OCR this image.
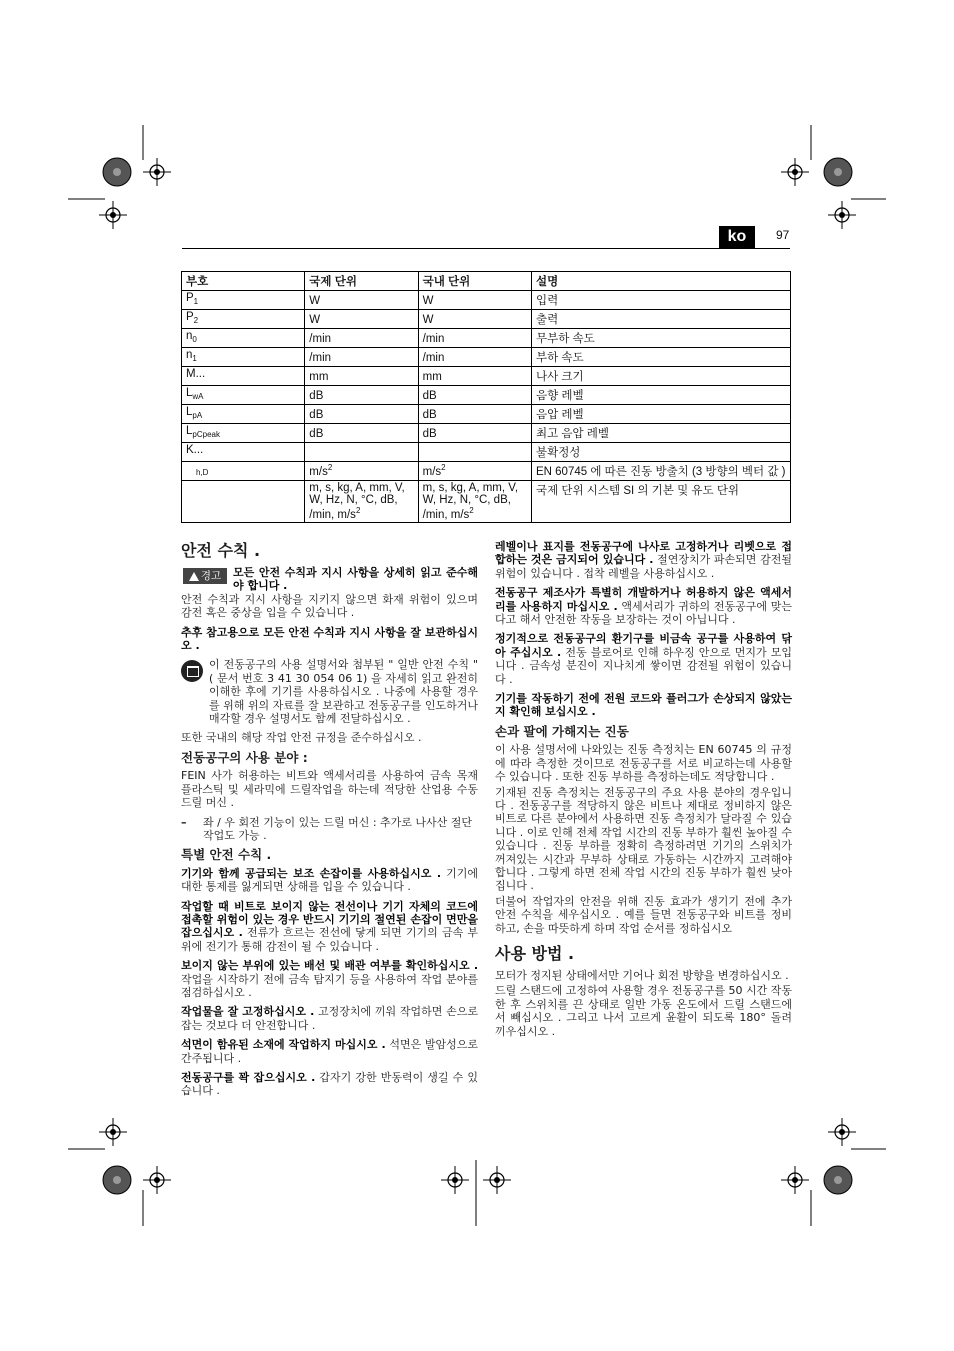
ko	97
부호	국제 단위	국내 단위	설명
$P_1$	W	W	입력
$P_2$	W	W	출력
$n_0$	/min	/min	무부하 속도
$n_1$	/min	/min	부하 속도
M...	mm	mm	나사 크기
$L_{wA}$	dB	dB	음향 레벨
$L_{pA}$	dB	dB	음압 레벨
$L_{pCpeak}$	dB	dB	최고 음압 레벨
K...			불확정성
$_{h,D}$	$m/s^2$	$m/s^2$	EN 60745 에 따른 진동 방출치 (3 방향의 벡터 값 )
	m, s, kg, A, mm, V, W, Hz, N, °C, dB, /min, $m/s^2$	m, s, kg, A, mm, V, W, Hz, N, °C, dB, /min, $m/s^2$	국제 단위 시스템 SI 의 기본 및 유도 단위
안전 수칙 .
경고 모든 안전 수칙과 지시 사항을 상세히 읽고 준수해야 합니다 .

안전 수칙과 지시 사항을 지키지 않으면 화재 위험이 있으며 감전 혹은 중상을 입을 수 있습니다 .

추후 참고용으로 모든 안전 수칙과 지시 사항을 잘 보관하십시오 .

이 전동공구의 사용 설명서와 첨부된 " 일반 안전 수칙 " ( 문서 번호 3 41 30 054 06 1) 을 자세히 읽고 완전히 이해한 후에 기기를 사용하십시오 . 나중에 사용할 경우를 위해 위의 자료를 잘 보관하고 전동공구를 인도하거나 매각할 경우 설명서도 함께 전달하십시오 .

또한 국내의 해당 작업 안전 규정을 준수하십시오 .

전동공구의 사용 분야 :

FEIN 사가 허용하는 비트와 액세서리를 사용하여 금속 목재 플라스틱 및 세라믹에 드릴작업을 하는데 적당한 산업용 수동 드릴 머신 .

–	좌 / 우 회전 기능이 있는 드릴 머신 : 추가로 나사산 절단작업도 가능 .
특별 안전 수칙 .

기기와 함께 공급되는 보조 손잡이를 사용하십시오 . 기기에 대한 통제를 잃게되면 상해를 입을 수 있습니다 .

작업할 때 비트로 보이지 않는 전선이나 기기 자체의 코드에 접촉할 위험이 있는 경우 반드시 기기의 절연된 손잡이 면만을 잡으십시오 . 전류가 흐르는 전선에 닿게 되면 기기의 금속 부위에 전기가 통해 감전이 될 수 있습니다 .

보이지 않는 부위에 있는 배선 및 배관 여부를 확인하십시오 . 작업을 시작하기 전에 금속 탐지기 등을 사용하여 작업 분야를 점검하십시오 .

작업물을 잘 고정하십시오 . 고정장치에 끼워 작업하면 손으로 잡는 것보다 더 안전합니다 .

석면이 함유된 소재에 작업하지 마십시오 . 석면은 발암성으로 간주됩니다 .

전동공구를 꽉 잡으십시오 . 갑자기 강한 반동력이 생길 수 있습니다 .

레벨이나 표지를 전동공구에 나사로 고정하거나 리벳으로 접합하는 것은 금지되어 있습니다 . 절연장치가 파손되면 감전될 위험이 있습니다 . 접착 레벨을 사용하십시오 .

전동공구 제조사가 특별히 개발하거나 허용하지 않은 액세서리를 사용하지 마십시오 . 액세서리가 귀하의 전동공구에 맞는다고 해서 안전한 작동을 보장하는 것이 아닙니다 .

정기적으로 전동공구의 환기구를 비금속 공구를 사용하여 닦아 주십시오 . 전동 블로어로 인해 하우징 안으로 먼지가 모입니다 . 금속성 분진이 지나치게 쌓이면 감전될 위험이 있습니다 .

기기를 작동하기 전에 전원 코드와 플러그가 손상되지 않았는지 확인해 보십시오 .

손과 팔에 가해지는 진동

이 사용 설명서에 나와있는 진동 측정치는 EN 60745 의 규정에 따라 측정한 것이므로 전동공구를 서로 비교하는데 사용할 수 있습니다 . 또한 진동 부하를 측정하는데도 적당합니다 .

기재된 진동 측정치는 전동공구의 주요 사용 분야의 경우입니다 . 전동공구를 적당하지 않은 비트나 제대로 정비하지 않은 비트로 다른 분야에서 사용하면 진동 측정치가 달라질 수 있습니다 . 이로 인해 전체 작업 시간의 진동 부하가 훨씬 높아질 수 있습니다 . 진동 부하를 정확히 측정하려면 기기의 스위치가 꺼져있는 시간과 무부하 상태로 가동하는 시간까지 고려해야 합니다 . 그렇게 하면 전체 작업 시간의 진동 부하가 훨씬 낮아집니다 .

더불어 작업자의 안전을 위해 진동 효과가 생기기 전에 추가 안전 수칙을 세우십시오 . 예를 들면 전동공구와 비트를 정비하고, 손을 따뜻하게 하며 작업 순서를 정하십시오

사용 방법 .

모터가 정지된 상태에서만 기어나 회전 방향을 변경하십시오 .

드릴 스탠드에 고정하여 사용할 경우 전동공구를 50 시간 작동한 후 스위치를 끈 상태로 일반 가동 온도에서 드릴 스탠드에서 빼십시오 . 그리고 나서 고르게 윤활이 되도록 180° 돌려 끼우십시오 .
